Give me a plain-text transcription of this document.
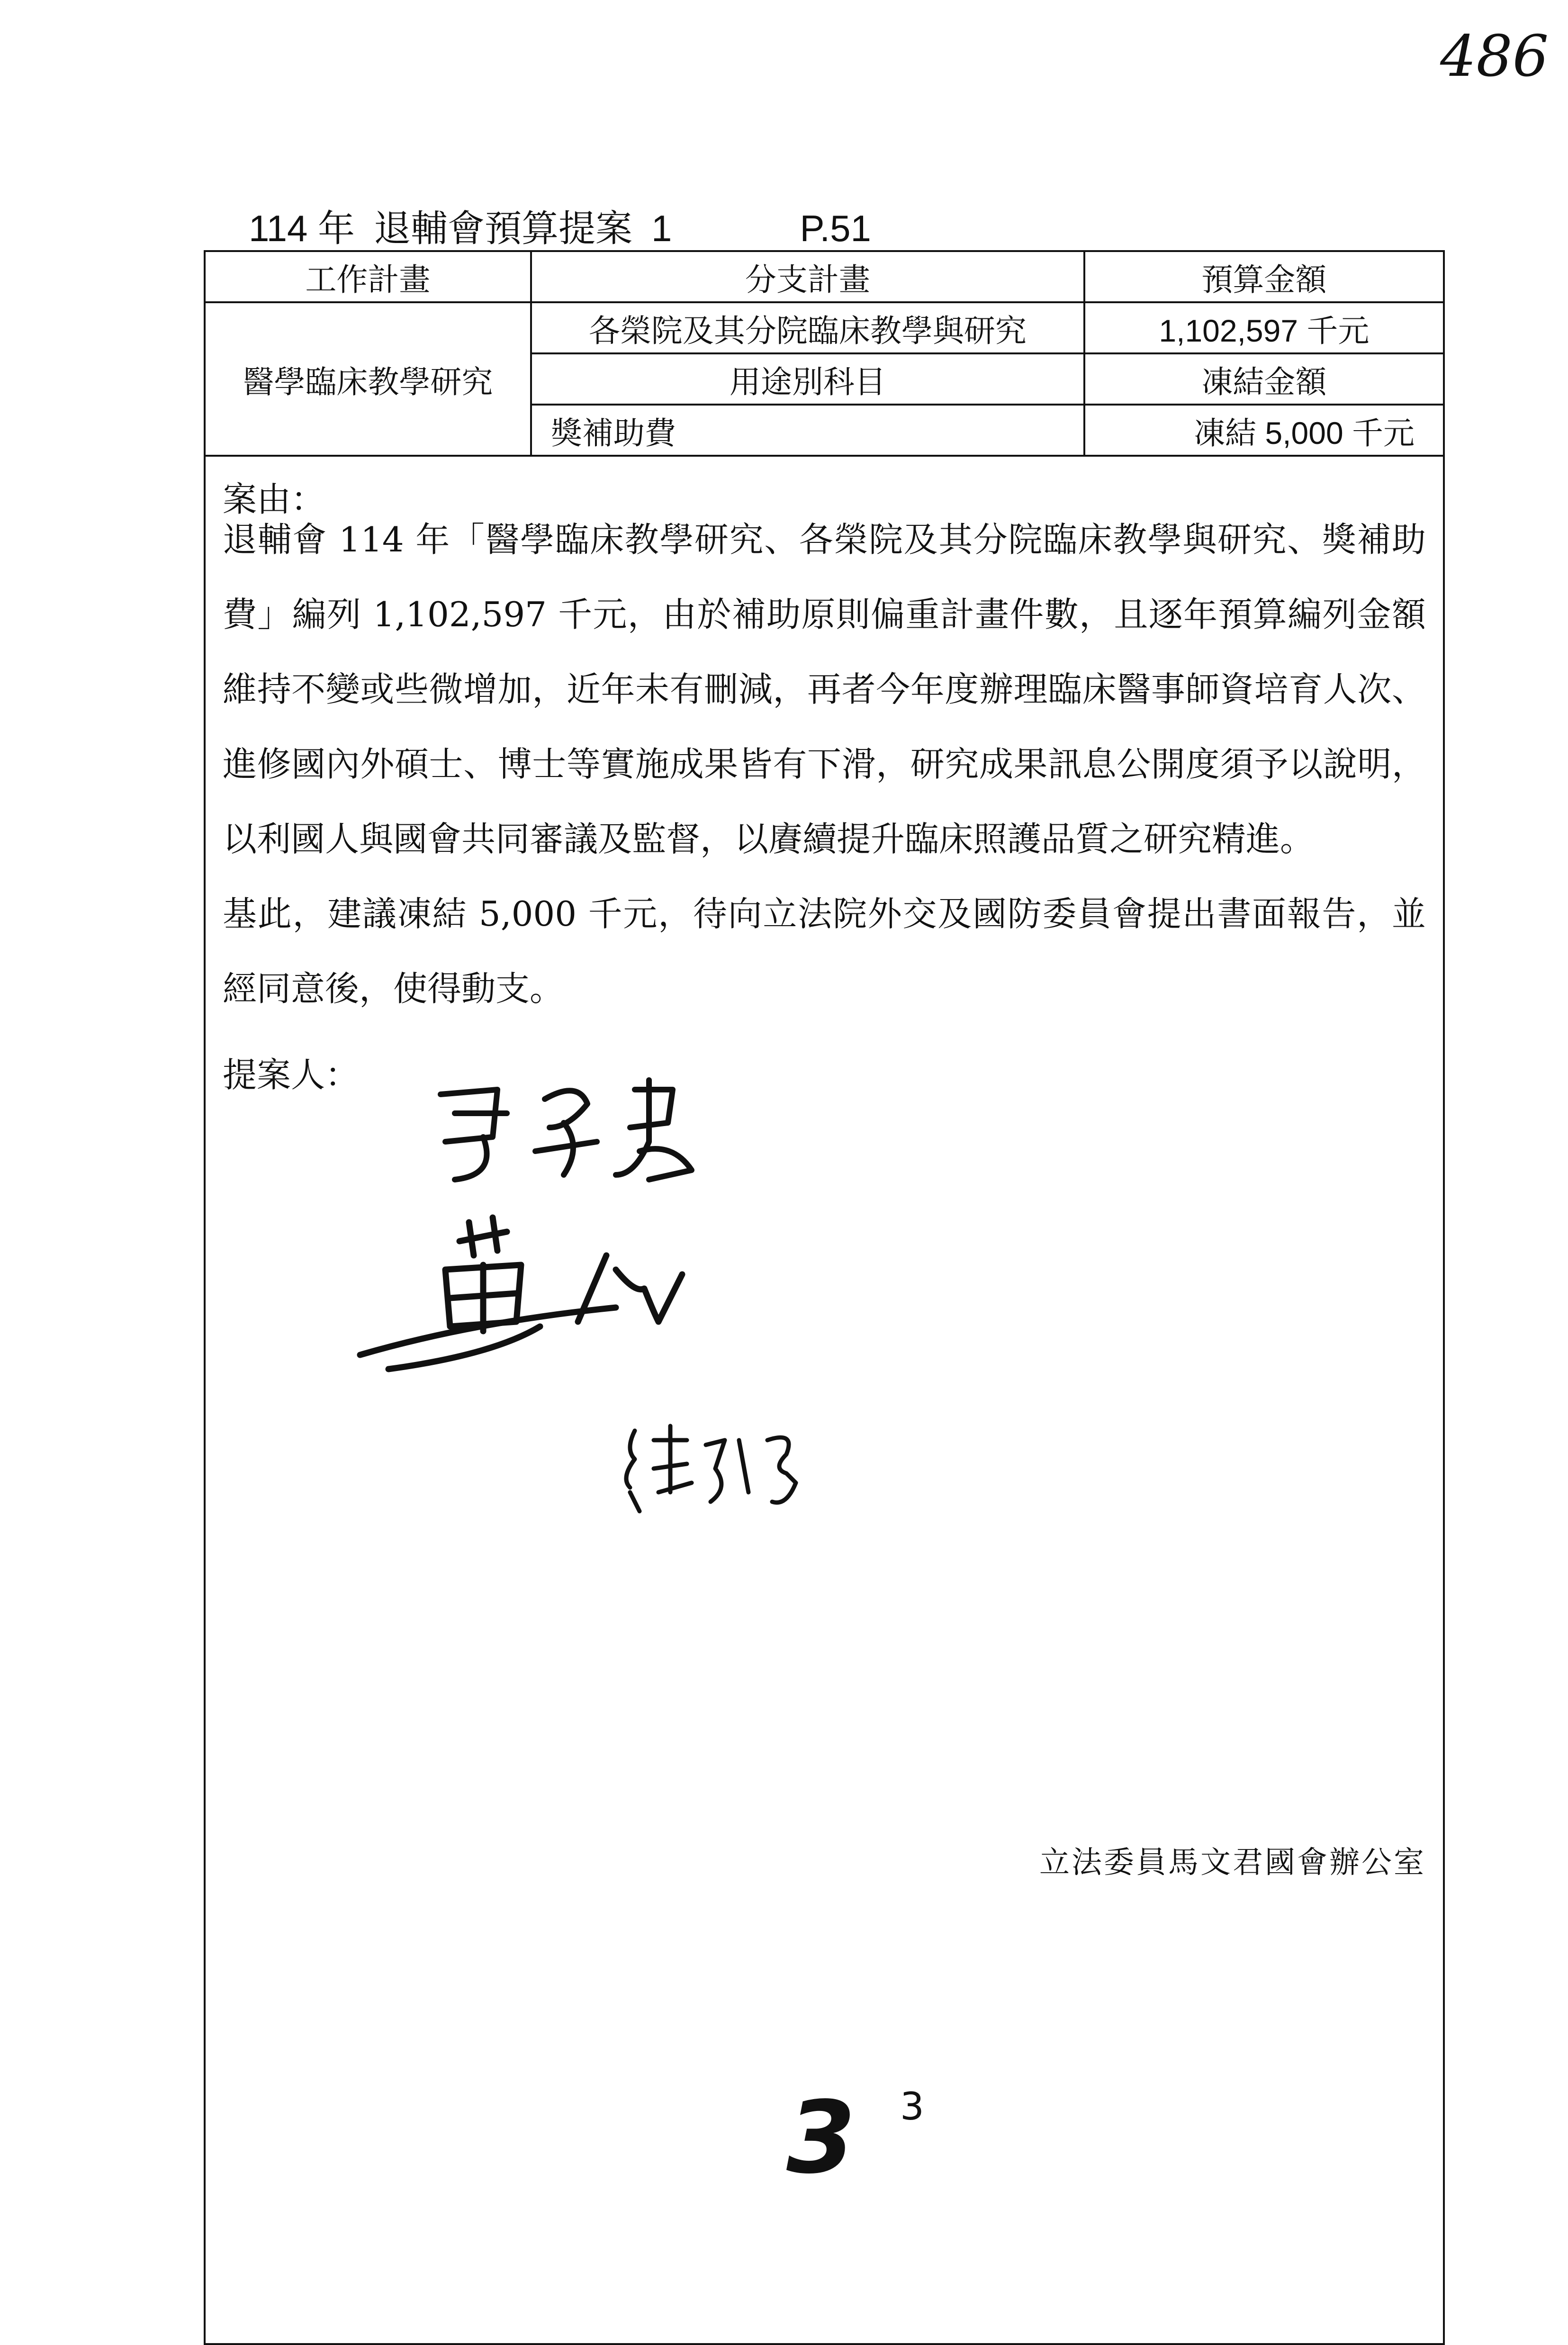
486
114 年 退輔會預算提案 1	P.51
工作計畫	分支計畫	預算金額
醫學臨床教學研究	各榮院及其分院臨床教學與研究	1,102,597 千元
	用途別科目	凍結金額
	獎補助費	凍結 5,000 千元
案由：
退輔會 114 年「醫學臨床教學研究、各榮院及其分院臨床教學與研究、獎補助費」編列 1,102,597 千元，由於補助原則偏重計畫件數，且逐年預算編列金額維持不變或些微增加，近年未有刪減，再者今年度辦理臨床醫事師資培育人次、進修國內外碩士、博士等實施成果皆有下滑，研究成果訊息公開度須予以說明，以利國人與國會共同審議及監督，以賡續提升臨床照護品質之研究精進。
基此，建議凍結 5,000 千元，待向立法院外交及國防委員會提出書面報告，並經同意後，使得動支。
提案人：
立法委員馬文君國會辦公室
3 3
